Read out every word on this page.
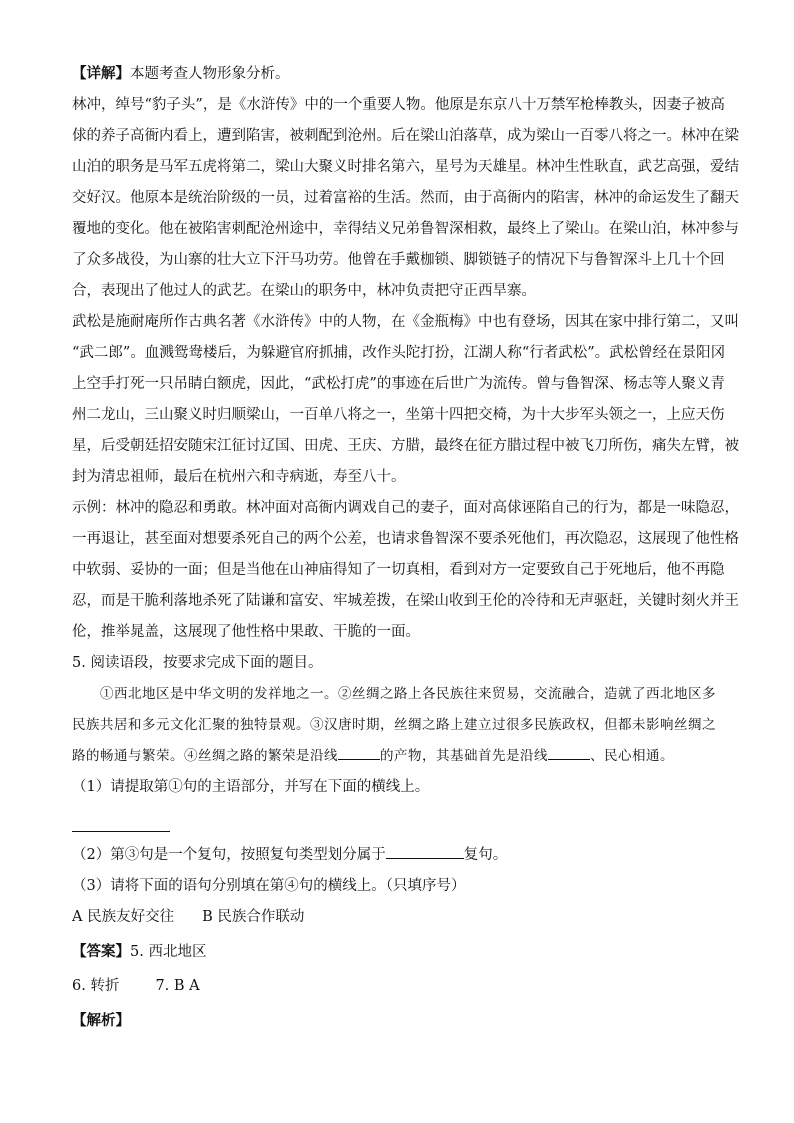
【详解】本题考查人物形象分析。

林冲，绰号“豹子头”，是《水浒传》中的一个重要人物。他原是东京八十万禁军枪棒教头，因妻子被高
俅的养子高衙内看上，遭到陷害，被刺配到沧州。后在梁山泊落草，成为梁山一百零八将之一。林冲在梁
山泊的职务是马军五虎将第二，梁山大聚义时排名第六，星号为天雄星。林冲生性耿直，武艺高强，爱结
交好汉。他原本是统治阶级的一员，过着富裕的生活。然而，由于高衙内的陷害，林冲的命运发生了翻天
覆地的变化。他在被陷害刺配沧州途中，幸得结义兄弟鲁智深相救，最终上了梁山。在梁山泊，林冲参与
了众多战役，为山寨的壮大立下汗马功劳。他曾在手戴枷锁、脚锁链子的情况下与鲁智深斗上几十个回
合，表现出了他过人的武艺。在梁山的职务中，林冲负责把守正西旱寨。

武松是施耐庵所作古典名著《水浒传》中的人物，在《金瓶梅》中也有登场，因其在家中排行第二，又叫
“武二郎”。血溅鸳鸯楼后，为躲避官府抓捕，改作头陀打扮，江湖人称“行者武松”。武松曾经在景阳冈
上空手打死一只吊睛白额虎，因此，“武松打虎”的事迹在后世广为流传。曾与鲁智深、杨志等人聚义青
州二龙山，三山聚义时归顺梁山，一百单八将之一，坐第十四把交椅，为十大步军头领之一，上应天伤
星，后受朝廷招安随宋江征讨辽国、田虎、王庆、方腊，最终在征方腊过程中被飞刀所伤，痛失左臂，被
封为清忠祖师，最后在杭州六和寺病逝，寿至八十。

示例：林冲的隐忍和勇敢。林冲面对高衙内调戏自己的妻子，面对高俅诬陷自己的行为，都是一味隐忍，
一再退让，甚至面对想要杀死自己的两个公差，也请求鲁智深不要杀死他们，再次隐忍，这展现了他性格
中软弱、妥协的一面；但是当他在山神庙得知了一切真相，看到对方一定要致自己于死地后，他不再隐
忍，而是干脆利落地杀死了陆谦和富安、牢城差拨，在梁山收到王伦的冷待和无声驱赶，关键时刻火并王
伦，推举晁盖，这展现了他性格中果敢、干脆的一面。

5. 阅读语段，按要求完成下面的题目。

①西北地区是中华文明的发祥地之一。②丝绸之路上各民族往来贸易，交流融合，造就了西北地区多
民族共居和多元文化汇聚的独特景观。③汉唐时期，丝绸之路上建立过很多民族政权，但都未影响丝绸之
路的畅通与繁荣。④丝绸之路的繁荣是沿线	的产物，其基础首先是沿线	、民心相通。

（1）请提取第①句的主语部分，并写在下面的横线上。

（2）第③句是一个复句，按照复句类型划分属于	复句。

（3）请将下面的语句分别填在第④句的横线上。（只填序号）

A 民族友好交往 B 民族合作联动

【答案】5. 西北地区

6. 转折 7. B A

【解析】
